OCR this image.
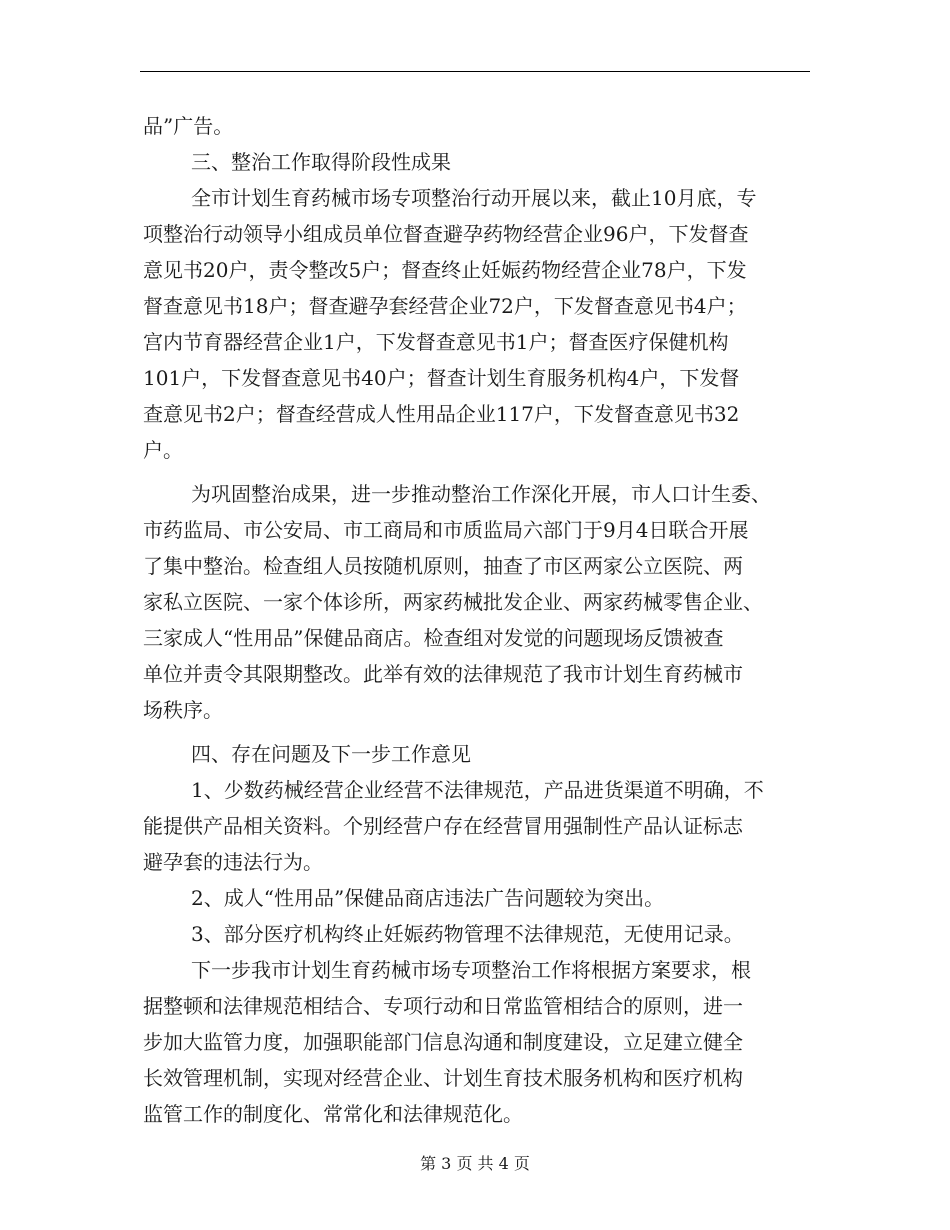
品”广告。
三、整治工作取得阶段性成果
全市计划生育药械市场专项整治行动开展以来，截止10月底，专
项整治行动领导小组成员单位督查避孕药物经营企业96户，下发督查
意见书20户，责令整改5户；督查终止妊娠药物经营企业78户，下发
督查意见书18户；督查避孕套经营企业72户，下发督查意见书4户；
宫内节育器经营企业1户，下发督查意见书1户；督查医疗保健机构
101户，下发督查意见书40户；督查计划生育服务机构4户，下发督
查意见书2户；督查经营成人性用品企业117户，下发督查意见书32
户。
为巩固整治成果，进一步推动整治工作深化开展，市人口计生委、
市药监局、市公安局、市工商局和市质监局六部门于9月4日联合开展
了集中整治。检查组人员按随机原则，抽查了市区两家公立医院、两
家私立医院、一家个体诊所，两家药械批发企业、两家药械零售企业、
三家成人“性用品”保健品商店。检查组对发觉的问题现场反馈被查
单位并责令其限期整改。此举有效的法律规范了我市计划生育药械市
场秩序。
四、存在问题及下一步工作意见
1、少数药械经营企业经营不法律规范，产品进货渠道不明确，不
能提供产品相关资料。个别经营户存在经营冒用强制性产品认证标志
避孕套的违法行为。
2、成人“性用品”保健品商店违法广告问题较为突出。
3、部分医疗机构终止妊娠药物管理不法律规范，无使用记录。
下一步我市计划生育药械市场专项整治工作将根据方案要求，根
据整顿和法律规范相结合、专项行动和日常监管相结合的原则，进一
步加大监管力度，加强职能部门信息沟通和制度建设，立足建立健全
长效管理机制，实现对经营企业、计划生育技术服务机构和医疗机构
监管工作的制度化、常常化和法律规范化。
第 3 页 共 4 页
